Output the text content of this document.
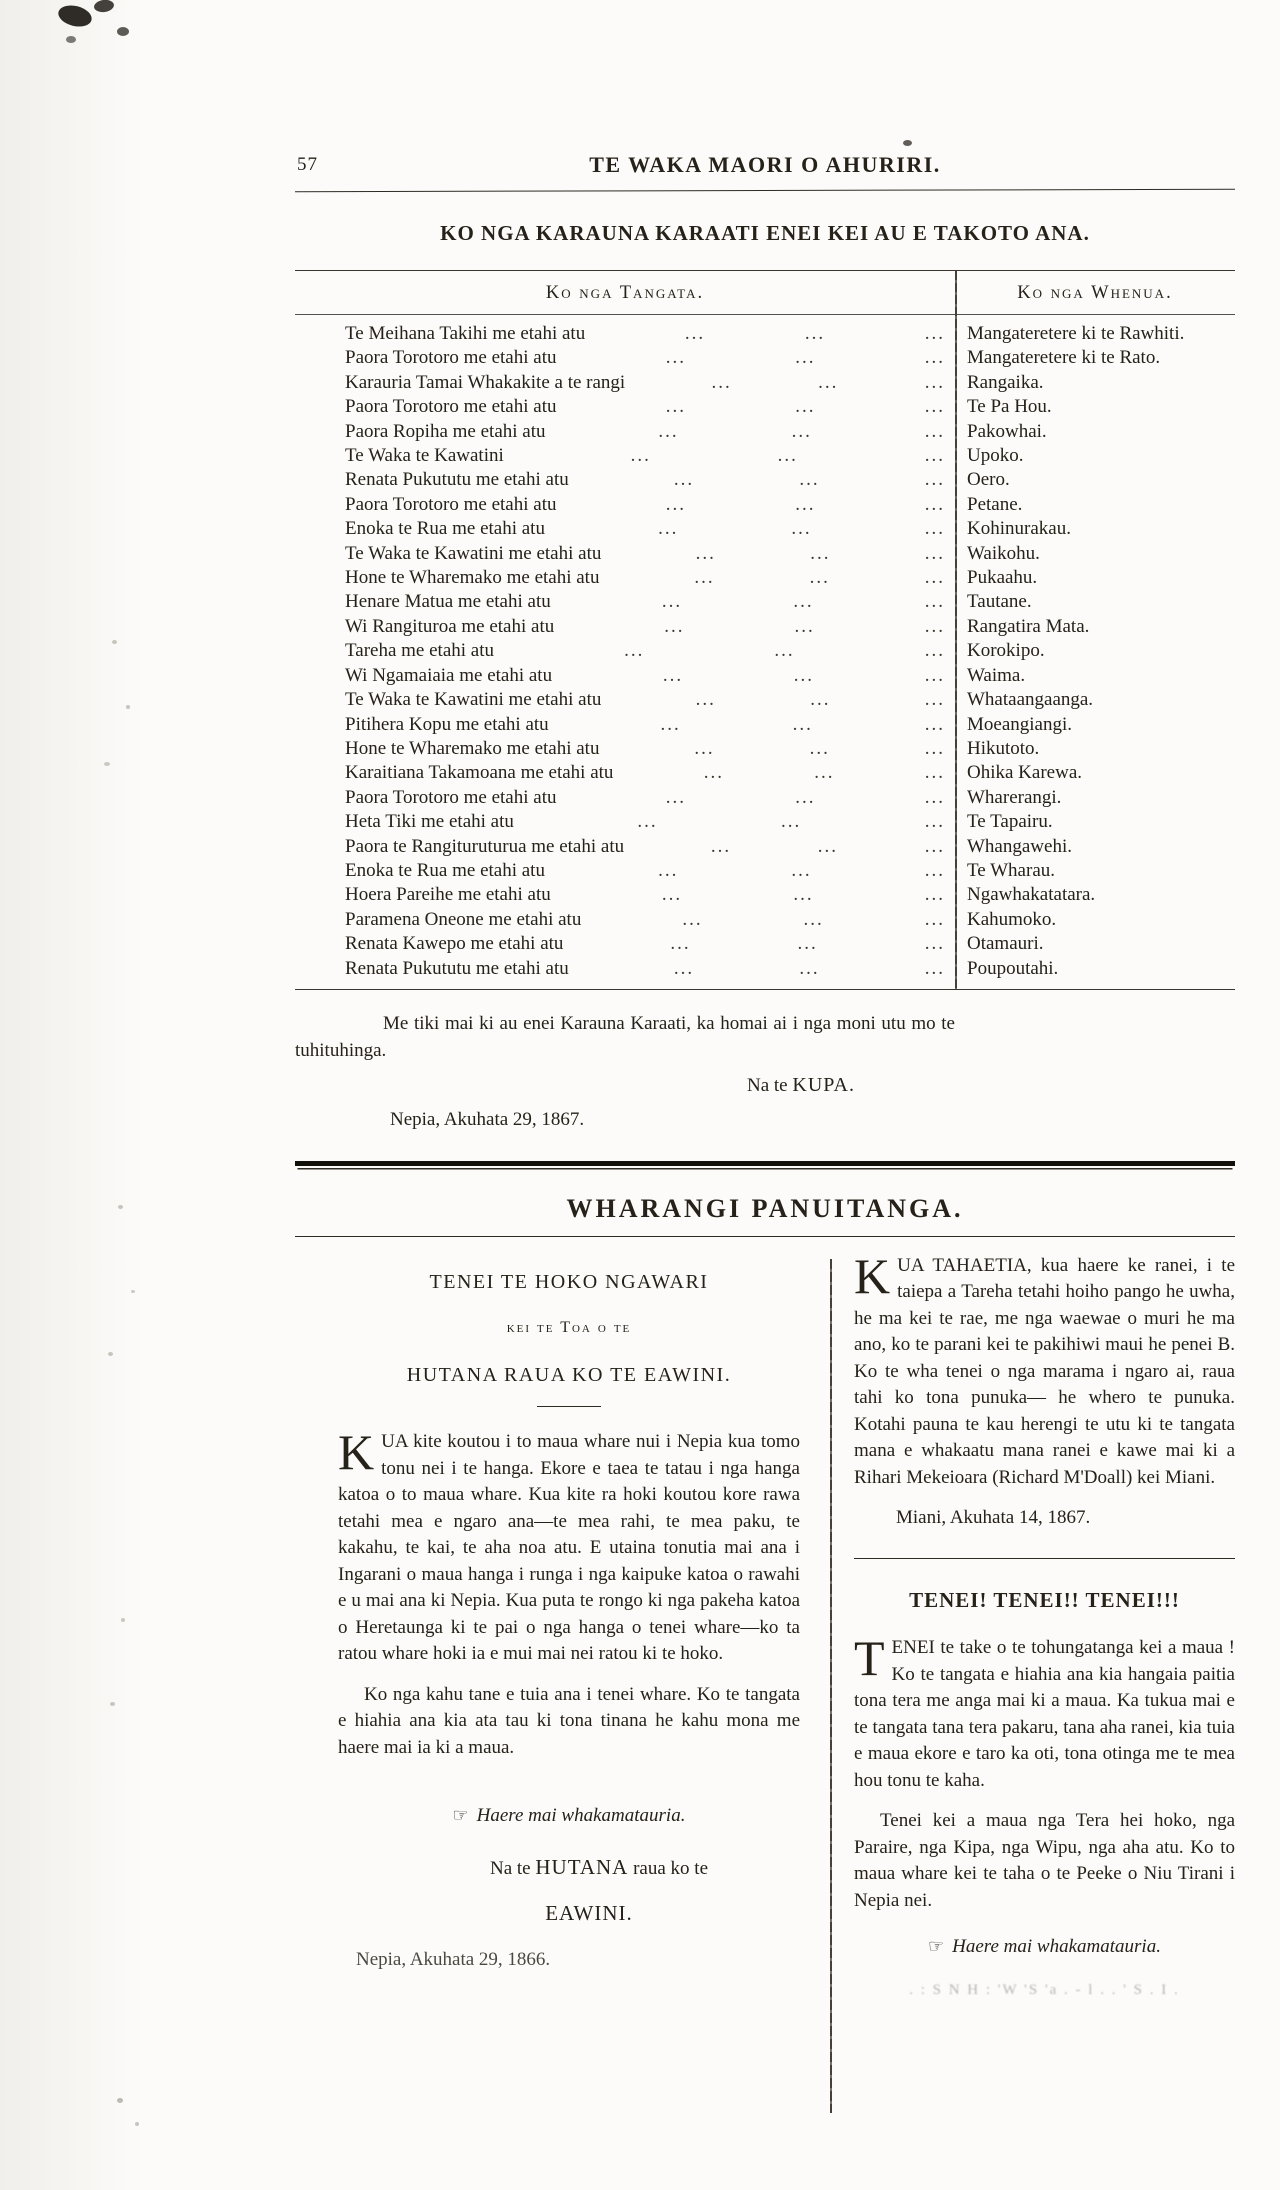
57	TE WAKA MAORI O AHURIRI.
KO NGA KARAUNA KARAATI ENEI KEI AU E TAKOTO ANA.
Ko nga Tangata.	Ko nga Whenua.
Te Meihana Takihi me etahi atu	...	...	...	Mangateretere ki te Rawhiti.
Paora Torotoro me etahi atu	...	...	...	Mangateretere ki te Rato.
Karauria Tamai Whakakite a te rangi	...	...	...	Rangaika.
Paora Torotoro me etahi atu	...	...	...	Te Pa Hou.
Paora Ropiha me etahi atu	...	...	...	Pakowhai.
Te Waka te Kawatini	...	...	...	Upoko.
Renata Pukututu me etahi atu	...	...	...	Oero.
Paora Torotoro me etahi atu	...	...	...	Petane.
Enoka te Rua me etahi atu	...	...	...	Kohinurakau.
Te Waka te Kawatini me etahi atu	...	...	...	Waikohu.
Hone te Wharemako me etahi atu	...	...	...	Pukaahu.
Henare Matua me etahi atu	...	...	...	Tautane.
Wi Rangituroa me etahi atu	...	...	...	Rangatira Mata.
Tareha me etahi atu	...	...	...	Korokipo.
Wi Ngamaiaia me etahi atu	...	...	...	Waima.
Te Waka te Kawatini me etahi atu	...	...	...	Whataangaanga.
Pitihera Kopu me etahi atu	...	...	...	Moeangiangi.
Hone te Wharemako me etahi atu	...	...	...	Hikutoto.
Karaitiana Takamoana me etahi atu	...	...	...	Ohika Karewa.
Paora Torotoro me etahi atu	...	...	...	Wharerangi.
Heta Tiki me etahi atu	...	...	...	Te Tapairu.
Paora te Rangituruturua me etahi atu	...	...	...	Whangawehi.
Enoka te Rua me etahi atu	...	...	...	Te Wharau.
Hoera Pareihe me etahi atu	...	...	...	Ngawhakatatara.
Paramena Oneone me etahi atu	...	...	...	Kahumoko.
Renata Kawepo me etahi atu	...	...	...	Otamauri.
Renata Pukututu me etahi atu	...	...	...	Poupoutahi.

Me tiki mai ki au enei Karauna Karaati, ka homai ai i nga moni utu mo te tuhituhinga.

Na te KUPA.
Nepia, Akuhata 29, 1867.
WHARANGI PANUITANGA.
TENEI TE HOKO NGAWARI
kei te Toa o te
HUTANA RAUA KO TE EAWINI.

KUA kite koutou i to maua whare nui i Nepia kua tomo tonu nei i te hanga. Ekore e taea te tatau i nga hanga katoa o to maua whare. Kua kite ra hoki koutou kore rawa tetahi mea e ngaro ana—te mea rahi, te mea paku, te kakahu, te kai, te aha noa atu. E utaina tonutia mai ana i Ingarani o maua hanga i runga i nga kaipuke katoa o rawahi e u mai ana ki Nepia. Kua puta te rongo ki nga pakeha katoa o Heretaunga ki te pai o nga hanga o tenei whare—ko ta ratou whare hoki ia e mui mai nei ratou ki te hoko.

Ko nga kahu tane e tuia ana i tenei whare. Ko te tangata e hiahia ana kia ata tau ki tona tinana he kahu mona me haere mai ia ki a maua.

☞ Haere mai whakamatauria.
Na te HUTANA raua ko te
EAWINI.
Nepia, Akuhata 29, 1866.

KUA TAHAETIA, kua haere ke ranei, i te taiepa a Tareha tetahi hoiho pango he uwha, he ma kei te rae, me nga waewae o muri he ma ano, ko te parani kei te pakihiwi maui he penei B. Ko te wha tenei o nga marama i ngaro ai, raua tahi ko tona punuka— he whero te punuka. Kotahi pauna te kau herengi te utu ki te tangata mana e whakaatu mana ranei e kawe mai ki a Rihari Mekeioara (Richard M'Doall) kei Miani.

Miani, Akuhata 14, 1867.

TENEI! TENEI!! TENEI!!!

TENEI te take o te tohungatanga kei a maua ! Ko te tangata e hiahia ana kia hangaia paitia tona tera me anga mai ki a maua. Ka tukua mai e te tangata tana tera pakaru, tana aha ranei, kia tuia e maua ekore e taro ka oti, tona otinga me te mea hou tonu te kaha.

Tenei kei a maua nga Tera hei hoko, nga Paraire, nga Kipa, nga Wipu, nga aha atu. Ko to maua whare kei te taha o te Peeke o Niu Tirani i Nepia nei.

☞ Haere mai whakamatauria.
. : S N H : 'W 'S 'a . - l . . ' S . I .
